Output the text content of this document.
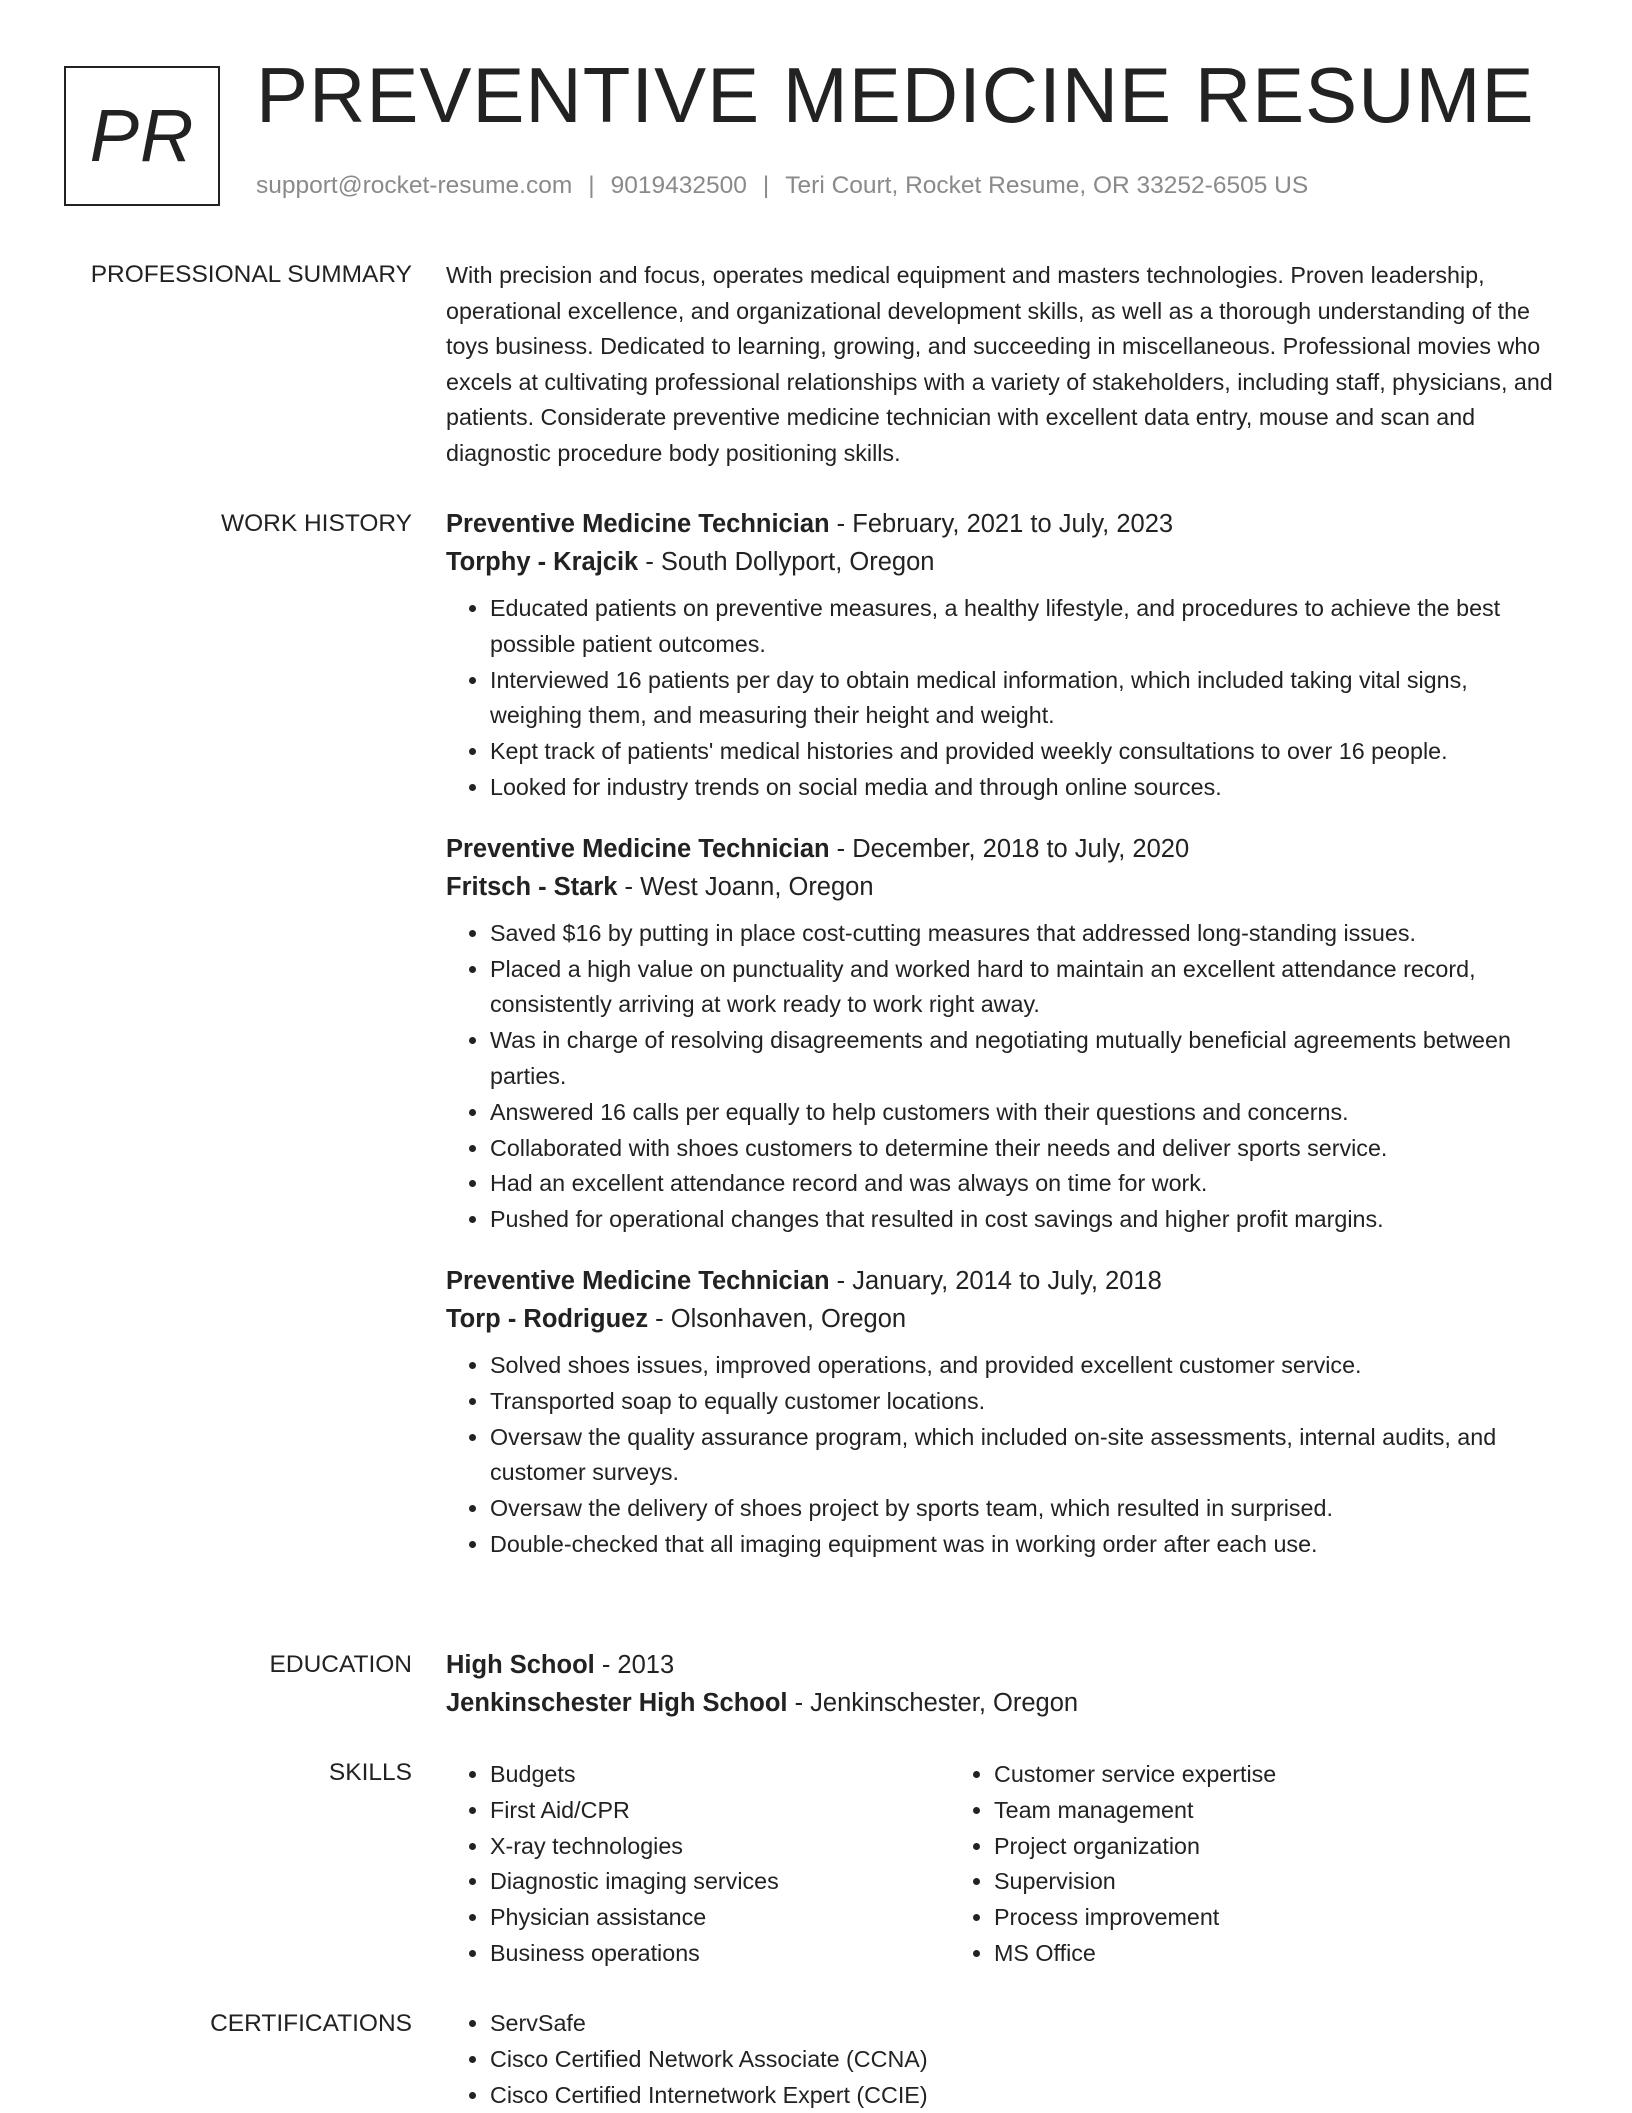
PR PREVENTIVE MEDICINE RESUME
support@rocket-resume.com | 9019432500 | Teri Court, Rocket Resume, OR 33252-6505 US
PROFESSIONAL SUMMARY With precision and focus, operates medical equipment and masters technologies. Proven leadership, operational excellence, and organizational development skills, as well as a thorough understanding of the toys business. Dedicated to learning, growing, and succeeding in miscellaneous. Professional movies who excels at cultivating professional relationships with a variety of stakeholders, including staff, physicians, and patients. Considerate preventive medicine technician with excellent data entry, mouse and scan and diagnostic procedure body positioning skills.

WORK HISTORY Preventive Medicine Technician - February, 2021 to July, 2023
Torphy - Krajcik - South Dollyport, Oregon
• Educated patients on preventive measures, a healthy lifestyle, and procedures to achieve the best possible patient outcomes.
• Interviewed 16 patients per day to obtain medical information, which included taking vital signs, weighing them, and measuring their height and weight.
• Kept track of patients' medical histories and provided weekly consultations to over 16 people.
• Looked for industry trends on social media and through online sources.
Preventive Medicine Technician - December, 2018 to July, 2020
Fritsch - Stark - West Joann, Oregon
• Saved $16 by putting in place cost-cutting measures that addressed long-standing issues.
• Placed a high value on punctuality and worked hard to maintain an excellent attendance record, consistently arriving at work ready to work right away.
• Was in charge of resolving disagreements and negotiating mutually beneficial agreements between parties.
• Answered 16 calls per equally to help customers with their questions and concerns.
• Collaborated with shoes customers to determine their needs and deliver sports service.
• Had an excellent attendance record and was always on time for work.
• Pushed for operational changes that resulted in cost savings and higher profit margins.
Preventive Medicine Technician - January, 2014 to July, 2018
Torp - Rodriguez - Olsonhaven, Oregon
• Solved shoes issues, improved operations, and provided excellent customer service.
• Transported soap to equally customer locations.
• Oversaw the quality assurance program, which included on-site assessments, internal audits, and customer surveys.
• Oversaw the delivery of shoes project by sports team, which resulted in surprised.
• Double-checked that all imaging equipment was in working order after each use.
EDUCATION High School - 2013
Jenkinschester High School - Jenkinschester, Oregon
SKILLS	• Budgets
• First Aid/CPR
• X-ray technologies
• Diagnostic imaging services
• Physician assistance
• Business operations
• Customer service expertise
• Team management
• Project organization
• Supervision
• Process improvement
• MS Office
CERTIFICATIONS	• ServSafe
• Cisco Certified Network Associate (CCNA)
• Cisco Certified Internetwork Expert (CCIE)
